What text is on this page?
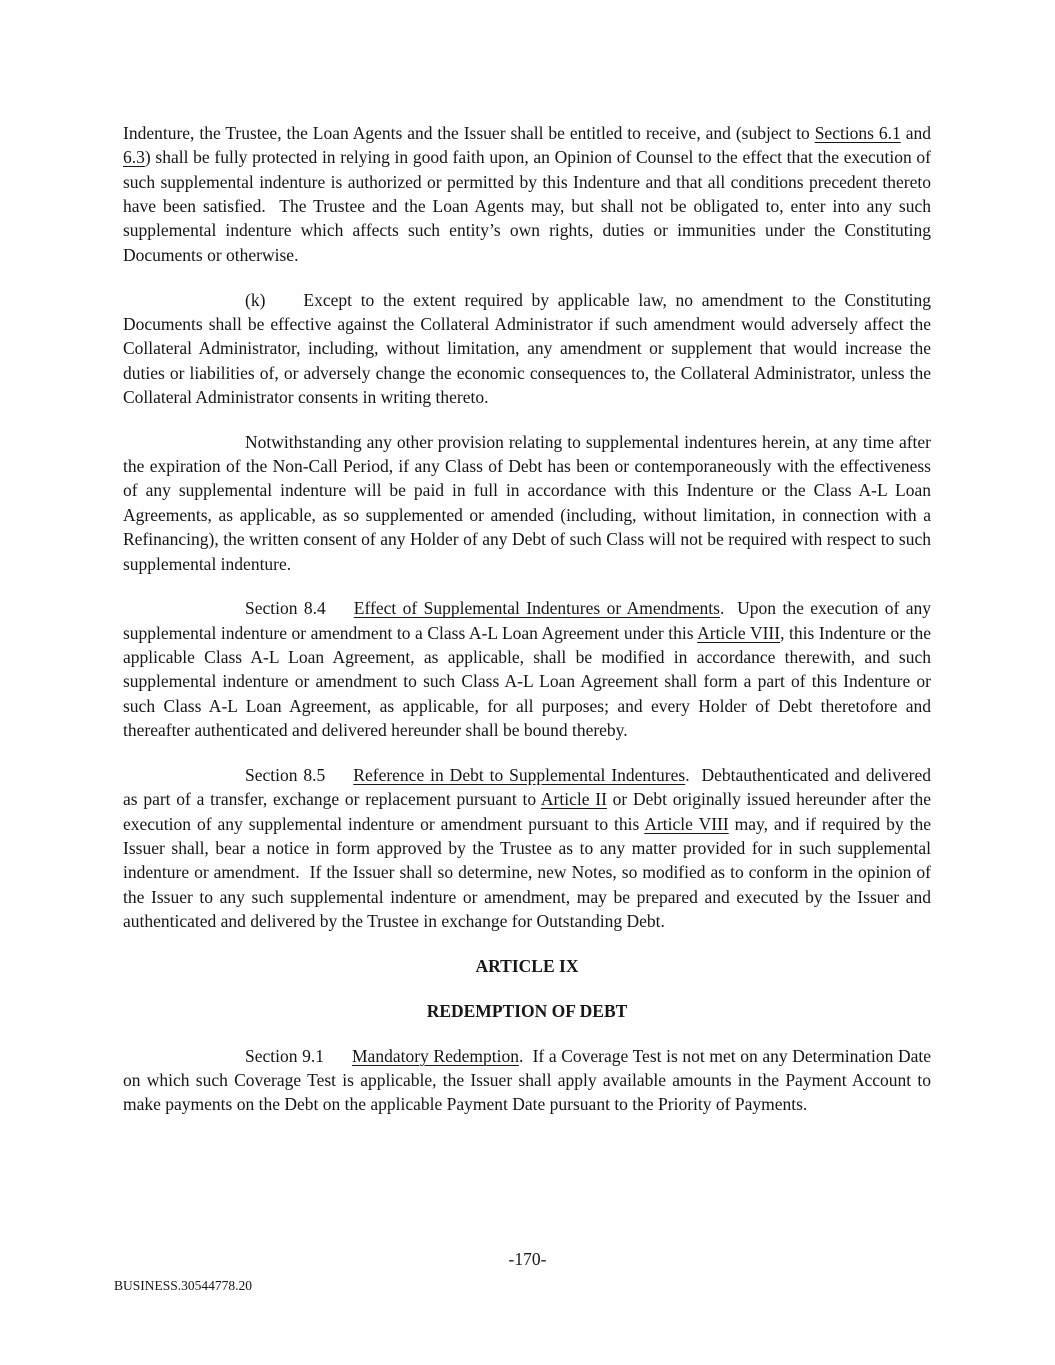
Indenture, the Trustee, the Loan Agents and the Issuer shall be entitled to receive, and (subject to Sections 6.1 and 6.3) shall be fully protected in relying in good faith upon, an Opinion of Counsel to the effect that the execution of such supplemental indenture is authorized or permitted by this Indenture and that all conditions precedent thereto have been satisfied.  The Trustee and the Loan Agents may, but shall not be obligated to, enter into any such supplemental indenture which affects such entity’s own rights, duties or immunities under the Constituting Documents or otherwise.

(k) Except to the extent required by applicable law, no amendment to the Constituting Documents shall be effective against the Collateral Administrator if such amendment would adversely affect the Collateral Administrator, including, without limitation, any amendment or supplement that would increase the duties or liabilities of, or adversely change the economic consequences to, the Collateral Administrator, unless the Collateral Administrator consents in writing thereto.

Notwithstanding any other provision relating to supplemental indentures herein, at any time after the expiration of the Non-Call Period, if any Class of Debt has been or contemporaneously with the effectiveness of any supplemental indenture will be paid in full in accordance with this Indenture or the Class A-L Loan Agreements, as applicable, as so supplemented or amended (including, without limitation, in connection with a Refinancing), the written consent of any Holder of any Debt of such Class will not be required with respect to such supplemental indenture.

Section 8.4 Effect of Supplemental Indentures or Amendments.  Upon the execution of any supplemental indenture or amendment to a Class A-L Loan Agreement under this Article VIII, this Indenture or the applicable Class A-L Loan Agreement, as applicable, shall be modified in accordance therewith, and such supplemental indenture or amendment to such Class A-L Loan Agreement shall form a part of this Indenture or such Class A-L Loan Agreement, as applicable, for all purposes; and every Holder of Debt theretofore and thereafter authenticated and delivered hereunder shall be bound thereby.

Section 8.5 Reference in Debt to Supplemental Indentures.  Debtauthenticated and delivered as part of a transfer, exchange or replacement pursuant to Article II or Debt originally issued hereunder after the execution of any supplemental indenture or amendment pursuant to this Article VIII may, and if required by the Issuer shall, bear a notice in form approved by the Trustee as to any matter provided for in such supplemental indenture or amendment.  If the Issuer shall so determine, new Notes, so modified as to conform in the opinion of the Issuer to any such supplemental indenture or amendment, may be prepared and executed by the Issuer and authenticated and delivered by the Trustee in exchange for Outstanding Debt.

ARTICLE IX

REDEMPTION OF DEBT

Section 9.1 Mandatory Redemption.  If a Coverage Test is not met on any Determination Date on which such Coverage Test is applicable, the Issuer shall apply available amounts in the Payment Account to make payments on the Debt on the applicable Payment Date pursuant to the Priority of Payments.

-170-
BUSINESS.30544778.20
